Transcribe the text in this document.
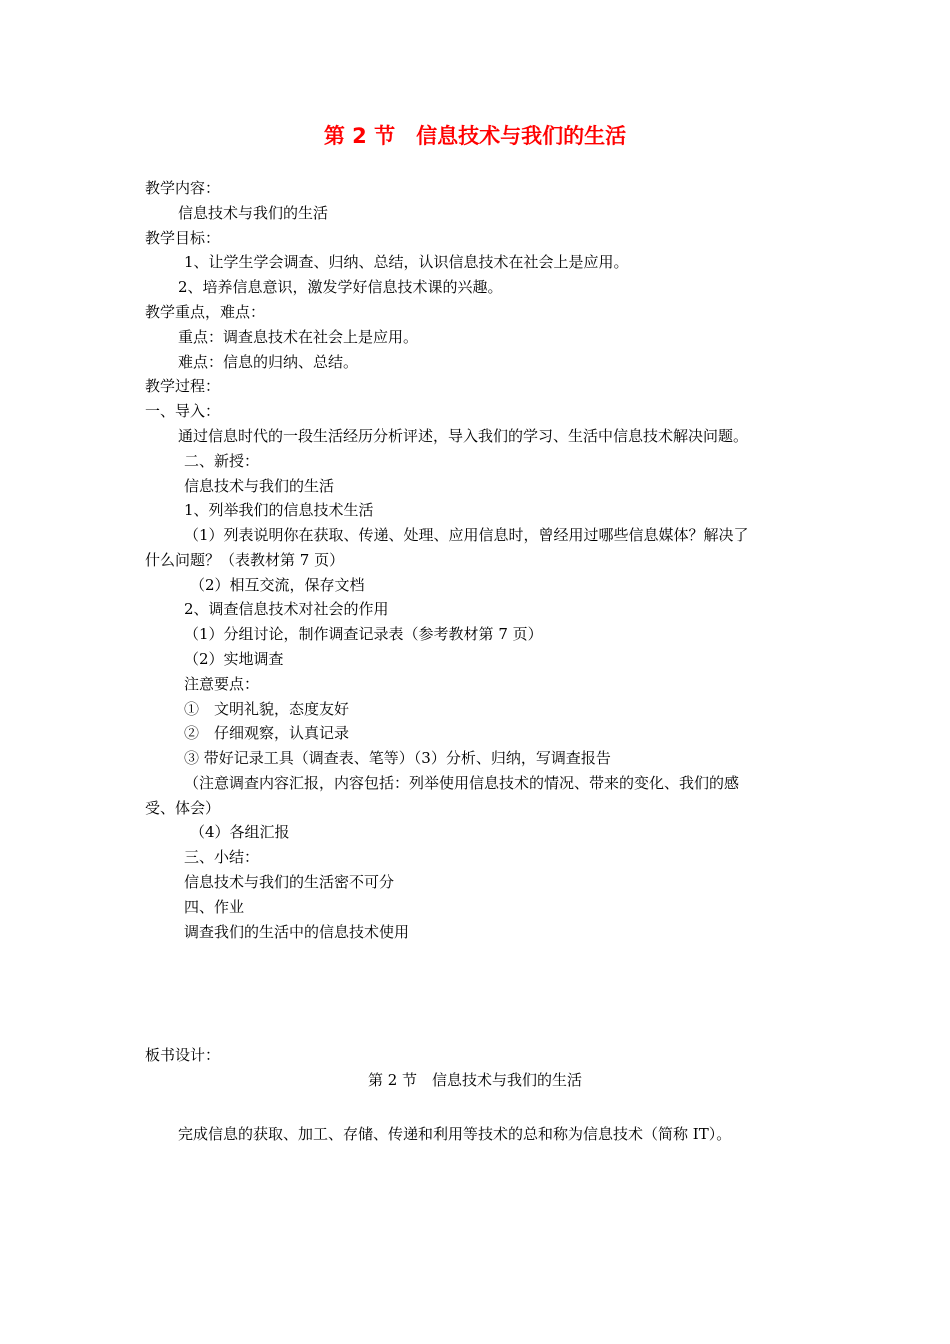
第 2 节　信息技术与我们的生活
教学内容：
信息技术与我们的生活
教学目标：
1、让学生学会调查、归纳、总结，认识信息技术在社会上是应用。
2、培养信息意识，激发学好信息技术课的兴趣。
教学重点，难点：
重点：调查息技术在社会上是应用。
难点：信息的归纳、总结。
教学过程：
一、导入：
通过信息时代的一段生活经历分析评述，导入我们的学习、生活中信息技术解决问题。
二、新授：
信息技术与我们的生活
1、列举我们的信息技术生活
（1）列表说明你在获取、传递、处理、应用信息时，曾经用过哪些信息媒体？解决了
什么问题？（表教材第 7 页）
（2）相互交流，保存文档
2、调查信息技术对社会的作用
（1）分组讨论，制作调查记录表（参考教材第 7 页）
（2）实地调查
注意要点：
①　文明礼貌，态度友好
②　仔细观察，认真记录
③ 带好记录工具（调查表、笔等）（3）分析、归纳，写调查报告
（注意调查内容汇报，内容包括：列举使用信息技术的情况、带来的变化、我们的感
受、体会）
（4）各组汇报
三、小结：
信息技术与我们的生活密不可分
四、作业
调查我们的生活中的信息技术使用
板书设计：
第 2 节　信息技术与我们的生活
完成信息的获取、加工、存储、传递和利用等技术的总和称为信息技术（简称 IT）。
